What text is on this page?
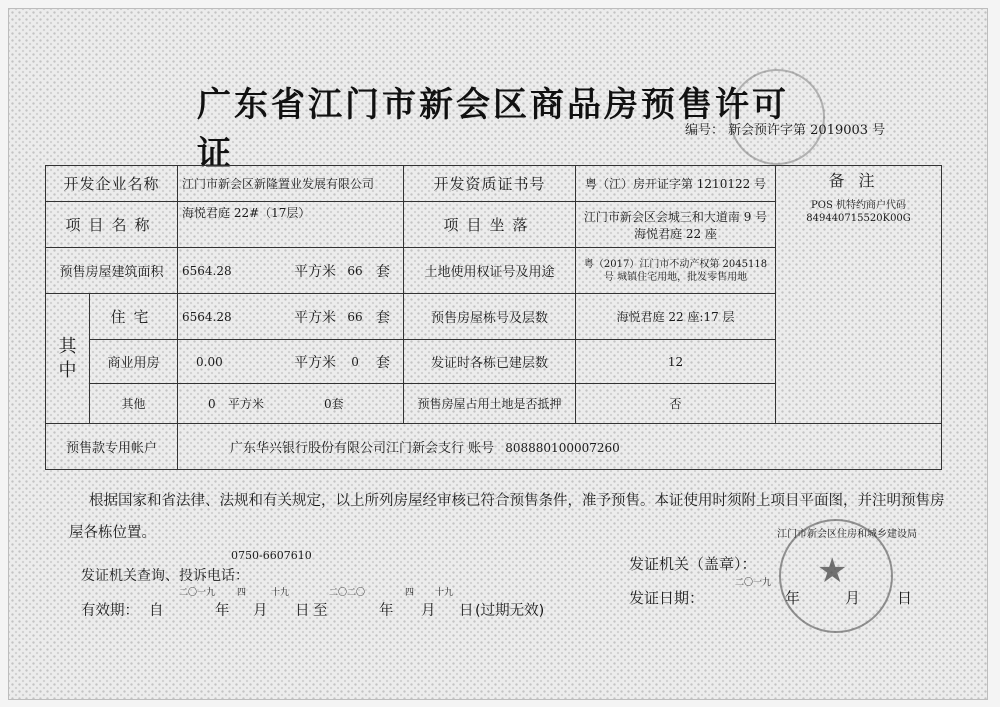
广东省江门市新会区商品房预售许可证
编号： 新会预许字第 2019003 号
开发企业名称		江门市新会区新隆置业发展有限公司	开发资质证书号	粤（江）房开证字第 1210122 号	备注
POS 机特约商户代码
849440715520K00G

项目名称		海悦君庭 22#（17层）	项目坐落	江门市新会区会城三和大道南 9 号海悦君庭 22 座	
预售房屋建筑面积		6564.28 平方米 66 套	土地使用权证号及用途	粤（2017）江门市不动产权第 2045118 号 城镇住宅用地，批发零售用地	
其中	住宅	6564.28 平方米 66 套	预售房屋栋号及层数	海悦君庭 22 座:17 层	
	商业用房	0.00 平方米 0 套	发证时各栋已建层数	12	
	其他	0 平方米 0 套	预售房屋占用土地是否抵押	否	
预售款专用帐户		广东华兴银行股份有限公司江门新会支行 账号 808880100007260			
根据国家和省法律、法规和有关规定，以上所列房屋经审核已符合预售条件，准予预售。本证使用时须附上项目平面图，并注明预售房屋各栋位置。	江门市新会区住房和城乡建设局
★
发证机关查询、投诉电话：
0750-6607610	发证机关（盖章）：
有效期： 自
二〇一九
年
四
月
十九
日 至
二〇二〇
年
四
月
十九
日 (过期无效)
发证日期：
二〇一九
年	月 日
